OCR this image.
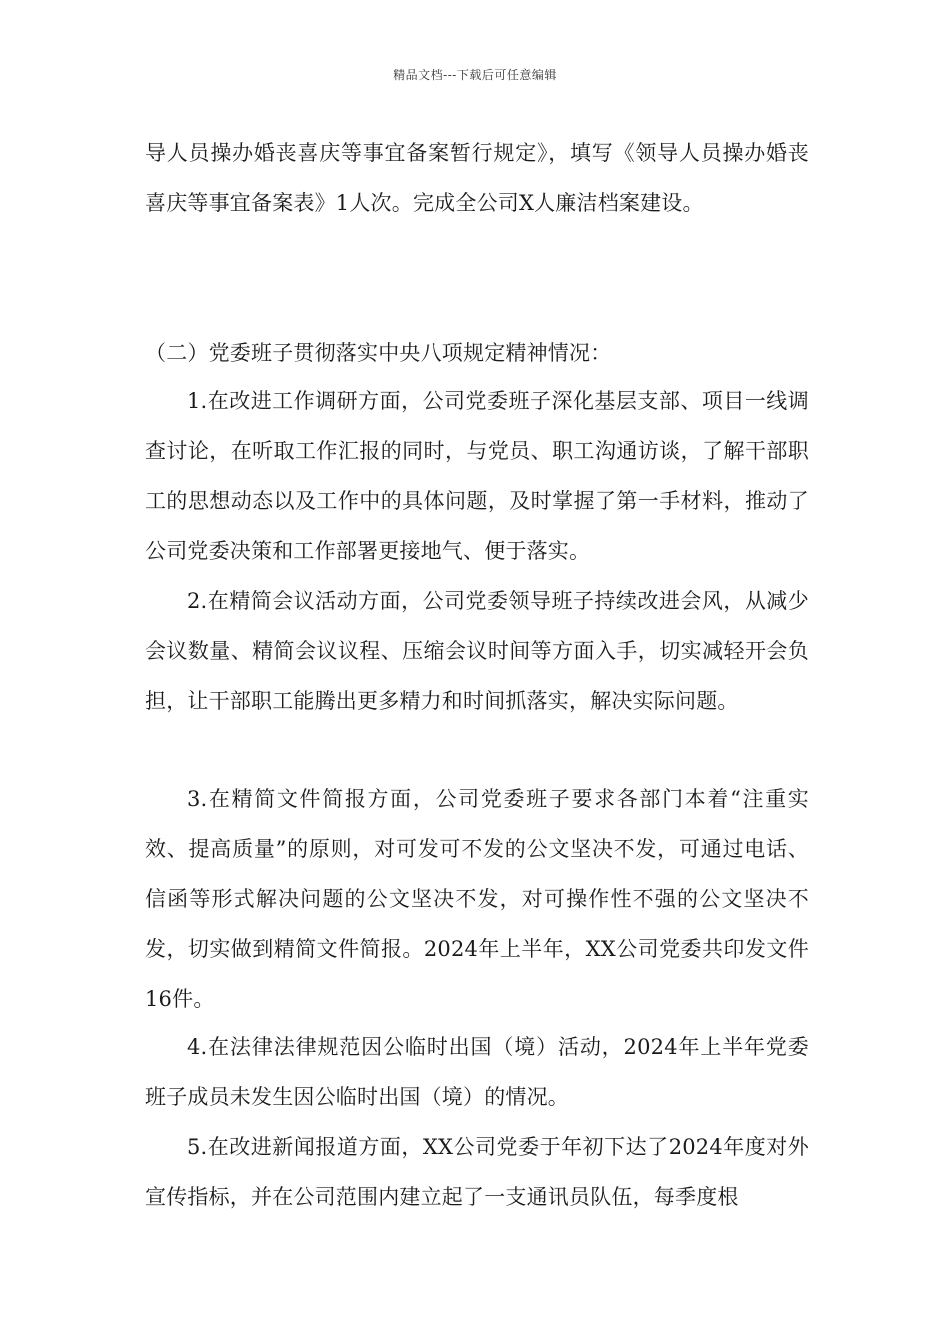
精品文档---下载后可任意编辑

导人员操办婚丧喜庆等事宜备案暂行规定》，填写《领导人员操办婚丧喜庆等事宜备案表》1人次。完成全公司X人廉洁档案建设。

（二）党委班子贯彻落实中央八项规定精神情况：

1.在改进工作调研方面，公司党委班子深化基层支部、项目一线调查讨论，在听取工作汇报的同时，与党员、职工沟通访谈，了解干部职工的思想动态以及工作中的具体问题，及时掌握了第一手材料，推动了公司党委决策和工作部署更接地气、便于落实。

2.在精简会议活动方面，公司党委领导班子持续改进会风，从减少会议数量、精简会议议程、压缩会议时间等方面入手，切实减轻开会负担，让干部职工能腾出更多精力和时间抓落实，解决实际问题。

3.在精简文件简报方面，公司党委班子要求各部门本着“注重实效、提高质量”的原则，对可发可不发的公文坚决不发，可通过电话、信函等形式解决问题的公文坚决不发，对可操作性不强的公文坚决不发，切实做到精简文件简报。2024年上半年，XX公司党委共印发文件16件。

4.在法律法律规范因公临时出国（境）活动，2024年上半年党委班子成员未发生因公临时出国（境）的情况。

5.在改进新闻报道方面，XX公司党委于年初下达了2024年度对外宣传指标，并在公司范围内建立起了一支通讯员队伍，每季度根
